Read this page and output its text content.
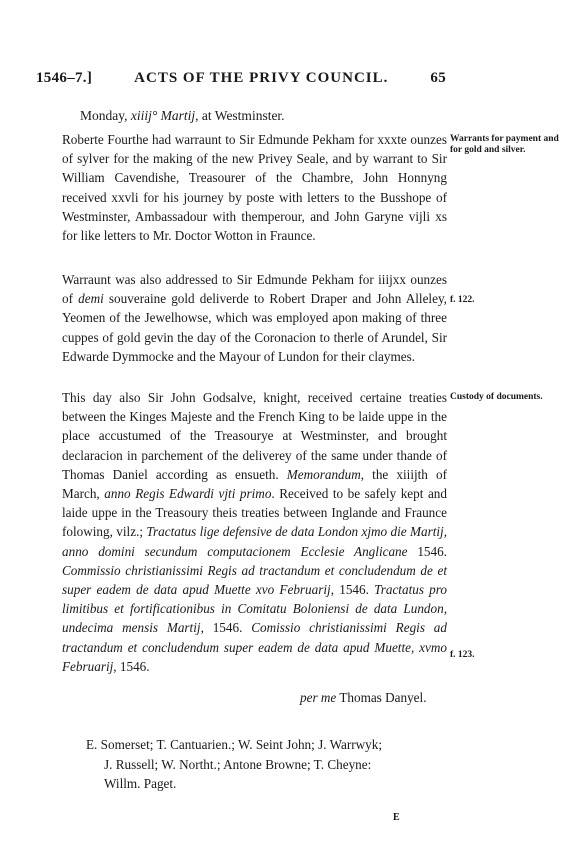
1546–7.]	ACTS OF THE PRIVY COUNCIL.	65
Monday, xiiij° Martij, at Westminster.

Roberte Fourthe had warraunt to Sir Edmunde Pekham for xxxte ounzes of sylver for the making of the new Privey Seale, and by warrant to Sir William Cavendishe, Treasourer of the Chambre, John Honnyng received xxvli for his journey by poste with letters to the Busshope of Westminster, Ambassadour with themperour, and John Garyne vijli xs for like letters to Mr. Doctor Wotton in Fraunce.

Warrants for payment and for gold and silver.

Warraunt was also addressed to Sir Edmunde Pekham for iiijxx ounzes of demi souveraine gold deliverde to Robert Draper and John Alleley, Yeomen of the Jewelhowse, which was employed apon making of three cuppes of gold gevin the day of the Coronacion to therle of Arundel, Sir Edwarde Dymmocke and the Mayour of Lundon for their claymes.

f. 122.

This day also Sir John Godsalve, knight, received certaine treaties between the Kinges Majeste and the French King to be laide uppe in the place accustumed of the Treasourye at Westminster, and brought declaracion in parchement of the deliverey of the same under thande of Thomas Daniel according as ensueth. Memorandum, the xiiijth of March, anno Regis Edwardi vjti primo. Received to be safely kept and laide uppe in the Treasoury theis treaties between Inglande and Fraunce folowing, vilz.; Tractatus lige defensive de data London xjmo die Martij, anno domini secundum computacionem Ecclesie Anglicane 1546. Commissio christianissimi Regis ad tractandum et concludendum de et super eadem de data apud Muette xvo Februarij, 1546. Tractatus pro limitibus et fortificationibus in Comitatu Boloniensi de data Lundon, undecima mensis Martij, 1546. Comissio christianissimi Regis ad tractandum et concludendum super eadem de data apud Muette, xvmo Februarij, 1546.

Custody of documents.
f. 123.
per me Thomas Danyel.
E. Somerset; T. Cantuarien.; W. Seint John; J. Warrwyk;
J. Russell; W. Northt.; Antone Browne; T. Cheyne:
Willm. Paget.
E
